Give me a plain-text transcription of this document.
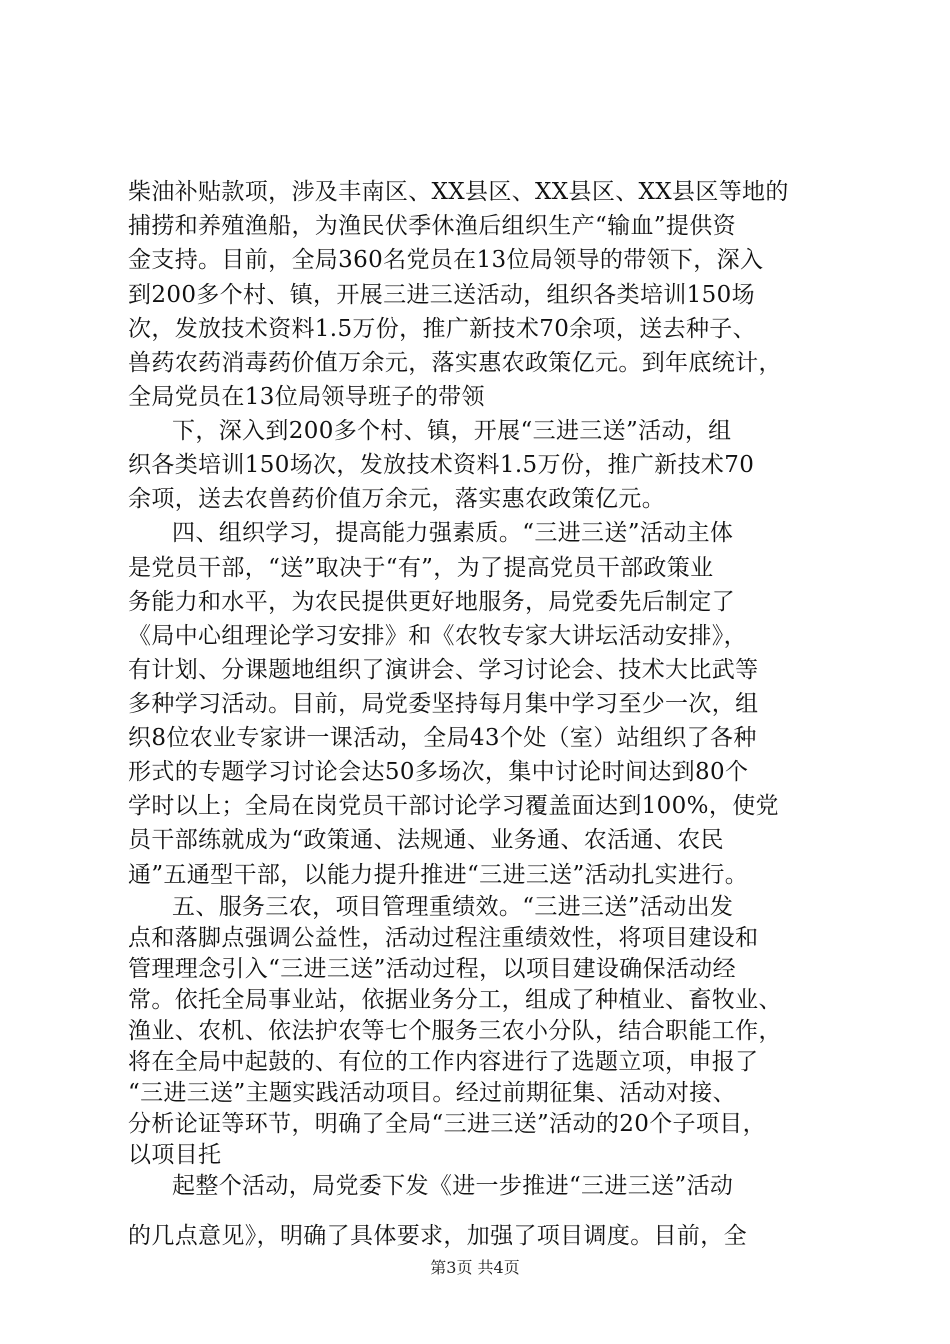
柴油补贴款项，涉及丰南区、XX县区、XX县区、XX县区等地的
捕捞和养殖渔船，为渔民伏季休渔后组织生产“输血”提供资
金支持。目前，全局360名党员在13位局领导的带领下，深入
到200多个村、镇，开展三进三送活动，组织各类培训150场
次，发放技术资料1.5万份，推广新技术70余项，送去种子、
兽药农药消毒药价值万余元，落实惠农政策亿元。到年底统计，
全局党员在13位局领导班子的带领
下，深入到200多个村、镇，开展“三进三送”活动，组
织各类培训150场次，发放技术资料1.5万份，推广新技术70
余项，送去农兽药价值万余元，落实惠农政策亿元。
四、组织学习，提高能力强素质。“三进三送”活动主体
是党员干部，“送”取决于“有”，为了提高党员干部政策业
务能力和水平，为农民提供更好地服务，局党委先后制定了
《局中心组理论学习安排》和《农牧专家大讲坛活动安排》，
有计划、分课题地组织了演讲会、学习讨论会、技术大比武等
多种学习活动。目前，局党委坚持每月集中学习至少一次，组
织8位农业专家讲一课活动，全局43个处（室）站组织了各种
形式的专题学习讨论会达50多场次，集中讨论时间达到80个
学时以上；全局在岗党员干部讨论学习覆盖面达到100%，使党
员干部练就成为“政策通、法规通、业务通、农活通、农民
通”五通型干部，以能力提升推进“三进三送”活动扎实进行。
五、服务三农，项目管理重绩效。“三进三送”活动出发
点和落脚点强调公益性，活动过程注重绩效性，将项目建设和
管理理念引入“三进三送”活动过程，以项目建设确保活动经
常。依托全局事业站，依据业务分工，组成了种植业、畜牧业、
渔业、农机、依法护农等七个服务三农小分队，结合职能工作，
将在全局中起鼓的、有位的工作内容进行了选题立项，申报了
“三进三送”主题实践活动项目。经过前期征集、活动对接、
分析论证等环节，明确了全局“三进三送”活动的20个子项目，
以项目托
起整个活动，局党委下发《进一步推进“三进三送”活动
第3页 共4页
的几点意见》，明确了具体要求，加强了项目调度。目前，全
